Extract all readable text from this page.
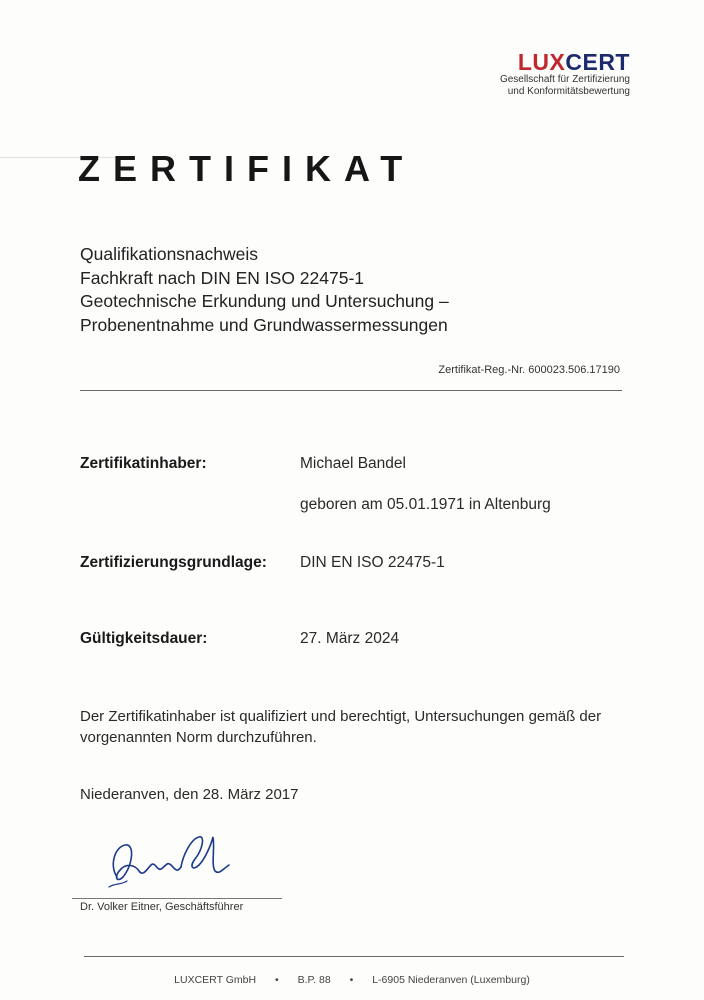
LUXCERT
Gesellschaft für Zertifizierung
und Konformitätsbewertung
ZERTIFIKAT
Qualifikationsnachweis
Fachkraft nach DIN EN ISO 22475-1
Geotechnische Erkundung und Untersuchung –
Probenentnahme und Grundwassermessungen
Zertifikat-Reg.-Nr. 600023.506.17190
Zertifikatinhaber:	Michael Bandel
geboren am 05.01.1971 in Altenburg
Zertifizierungsgrundlage: DIN EN ISO 22475-1
Gültigkeitsdauer:	27. März 2024
Der Zertifikatinhaber ist qualifiziert und berechtigt, Untersuchungen gemäß der vorgenannten Norm durchzuführen.
Niederanven, den 28. März 2017
Dr. Volker Eitner, Geschäftsführer
LUXCERT GmbH • B.P. 88 • L-6905 Niederanven (Luxemburg)
